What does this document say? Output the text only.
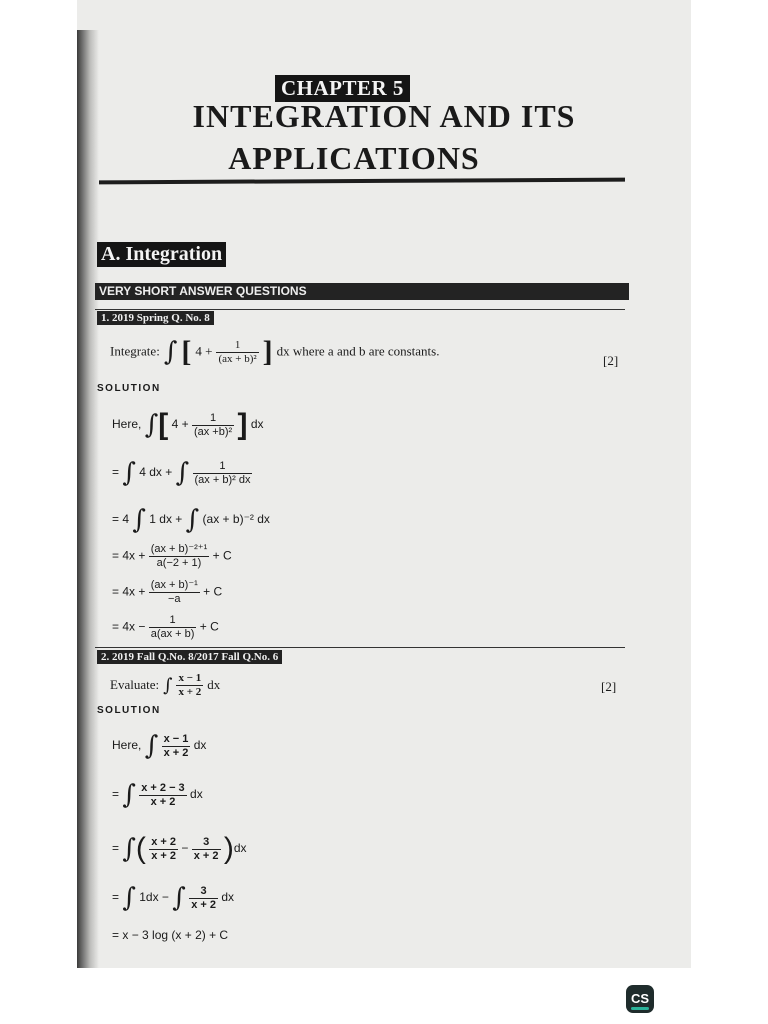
CHAPTER 5
INTEGRATION AND ITS
APPLICATIONS
A. Integration
VERY SHORT ANSWER QUESTIONS
1. 2019 Spring Q. No. 8
Integrate: ∫ [ $4 + \frac{1}{\text{(ax + b)²}}$ ] dx where a and b are constants.
[2]
SOLUTION
Here, ∫[ $4 + \frac{1}{\text{(ax +b)²}}$ ] dx
= ∫ 4 dx + ∫ $\frac{1}{\text{(ax + b)² dx}}$
= 4 ∫ 1 dx + ∫ (ax + b)⁻² dx
= $4x + \frac{\text{(ax + b)⁻²⁺¹}}{a(-2 + 1)} + C$
= $4x + \frac{\text{(ax + b)⁻¹}}{-a} + C$
= $4x - \frac{1}{a(ax + b)} + C$
2. 2019 Fall Q.No. 8/2017 Fall Q.No. 6
Evaluate: ∫ $\frac{x - 1}{x + 2}$ dx	[2]
SOLUTION
Here, ∫ $\frac{x - 1}{x + 2}$ dx
= ∫ $\frac{x + 2 - 3}{x + 2}$ dx
= ∫( $\frac{x + 2}{x + 2} - \frac{3}{x + 2} )dx$
= ∫ 1dx − ∫ $\frac{3}{x + 2}$ dx
= x − 3 log (x + 2) + C
CS
